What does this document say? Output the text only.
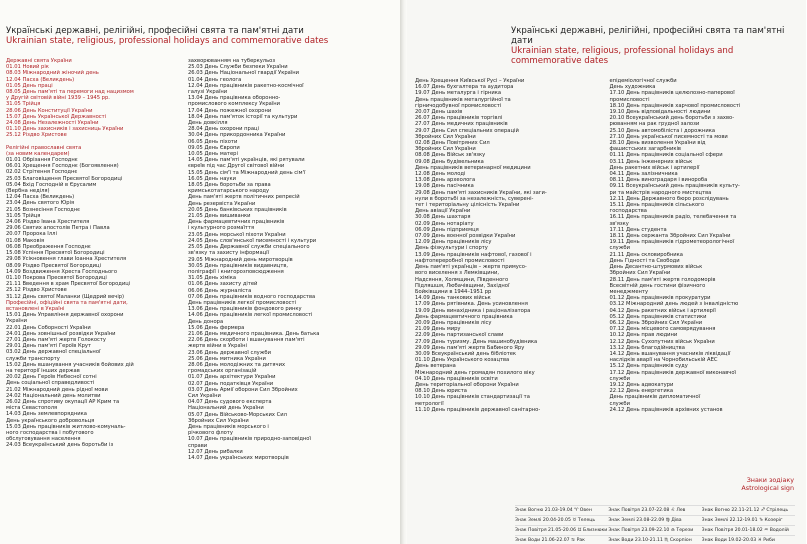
Українські державні, релігійні, професійні свята та пам'ятні дати
Ukrainian state, religious, professional holidays and commemorative dates
Державні свята України
01.01 Новий рік
08.03 Міжнародний жіночий день
12.04 Пасха (Великдень)
01.05 День праці
08.05 День пам'яті та перемоги над нацизмом
у Другій світовій війні 1939 – 1945 рр.
31.05 Трійця
28.06 День Конституції України
15.07 День Української Державності
24.08 День Незалежності України
01.10 День захисників і захисниць України
25.12 Різдво Христове
Релігійні православні свята
(за новим календарем)
01.01 Обрізання Господнє
06.01 Хрещення Господнє (Богоявлення)
02.02 Стрітення Господнє
25.03 Благовіщення Пресвятої Богородиці
05.04 Вхід Господній в Єрусалим
(Вербна неділя)
12.04 Пасха (Великдень)
23.04 День святого Юрія
21.05 Вознесіння Господнє
31.05 Трійця
24.06 Різдво Івана Хрестителя
29.06 Святих апостолів Петра і Павла
20.07 Пророка Іллі
01.08 Маковія
06.08 Преображення Господнє
15.08 Успіння Пресвятої Богородиці
29.08 Усікновення глави Іоанна Хрестителя
08.09 Різдво Пресвятої Богородиці
14.09 Воздвиження Хреста Господнього
01.10 Покрова Пресвятої Богородиці
21.11 Введення в храм Пресвятої Богородиці
25.12 Різдво Христове
31.12 День святої Маланки (Щедрий вечір)
Професійні, офіційні свята та пам'ятні дати,
встановлені в Україні
15.01 День Управління державної охорони
України
22.01 День Соборності України
24.01 День зовнішньої розвідки України
27.01 День пам'яті жертв Голокосту
29.01 День пам'яті Героїв Крут
03.02 День державної спеціальної
служби транспорту
15.02 День вшанування учасників бойових дій
на території інших держав
20.02 День Героїв Небесної сотні
День соціальної справедливості
21.02 Міжнародний день рідної мови
24.02 Національний день молитви
26.02 День спротиву окупації АР Крим та
міста Севастополя
14.03 День землевпорядника
День українського добровольця
15.03 День працівників житлово-комуналь-
ного господарства і побутового
обслуговування населення
24.03 Всеукраїнський день боротьби із
захворюванням на туберкульоз
25.03 День Служби безпеки України
26.03 День Національної гвардії України
01.04 День геолога
12.04 День працівників ракетно-космічної
галузі України
13.04 День працівника оборонно-
промислового комплексу України
17.04 День пожежної охорони
18.04 День пам'яток історії та культури
День довкілля
28.04 День охорони праці
30.04 День прикордонника України
06.05 День піхоти
09.05 День Європи
10.05 День матері
14.05 День пам'яті українців, які рятували
євреїв під час Другої світової війни
15.05 День сім'ї та Міжнародний день сім'ї
16.05 День науки
18.05 День боротьби за права
кримськотатарського народу
День пам'яті жертв політичних репресій
День резервіста України
20.05 День банківських працівників
21.05 День вишиванки
День фармацевтичних працівників
і культурного розмаїття
23.05 День морської піхоти України
24.05 День слов'янської писемності і культури
25.05 День Державної служби спеціального
зв'язку та захисту інформації
29.05 Міжнародний день миротворців
30.05 День працівників видавництв,
поліграфії і книгорозповсюдження
31.05 День хіміка
01.06 День захисту дітей
06.06 День журналіста
07.06 День працівників водного господарства
День працівників легкої промисловості
13.06 День працівників фондового ринку
14.06 День працівників легкої промисловості
День донора
15.06 День фермера
21.06 День медичного працівника. День батька
22.06 День скорботи і вшанування пам'яті
жертв війни в Україні
23.06 День державної служби
25.06 День митника України
28.06 День молодіжних та дитячих
громадських організацій
01.07 День архітектури України
02.07 День податківця України
03.07 День Армії оборони Сил Збройних
Сил України
04.07 День судового експерта
Національний день України
05.07 День Військово-Морських Сил
Збройних Сил України
День працівників морського і
річкового флоту
10.07 День працівників природно-заповідної
справи
12.07 День рибалки
14.07 День українських миротворців
Українські державні, релігійні, професійні свята та пам'ятні дати
Ukrainian state, religious, professional holidays and commemorative dates
День Хрещення Київської Русі – України
16.07 День бухгалтера та аудитора
19.07 День металурга і гірника
День працівників металургійної та
гірничодобувної промисловості
20.07 День шахів
26.07 День працівників торгівлі
27.07 День медичних працівників
29.07 День Сил спеціальних операцій
Збройних Сил України
02.08 День Повітряних Сил
Збройних Сил України
08.08 День Військ зв'язку
09.08 День будівельника
День працівників ветеринарної медицини
12.08 День молоді
13.08 День археолога
19.08 День пасічника
29.08 День пам'яті захисників України, які заги-
нули в боротьбі за незалежність, суверені-
тет і територіальну цілісність України
День авіації України
30.08 День шахтаря
02.09 День нотаріату
06.09 День підприємця
07.09 День воєнної розвідки України
12.09 День працівників лісу
День фізкультури і спорту
13.09 День працівників нафтової, газової і
нафтопереробної промисловості
День пам'яті українців – жертв примусо-
вого виселення з Лемківщини,
Надсяння, Холмщини, Південного
Підляшшя, Любачівщини, Західної
Бойківщини в 1944–1951 рр
14.09 День танкових військ
17.09 День рятівника. День усиновлення
19.09 День винахідника і раціоналізатора
День фармацевтичного працівника
20.09 День працівників лісу
21.09 День миру
22.09 День партизанської слави
27.09 День туризму. День машинобудівника
29.09 День пам'яті жертв Бабиного Яру
30.09 Всеукраїнський день бібліотек
01.10 День Українського козацтва
День ветерана
Міжнародний день громадян похилого віку
04.10 День працівників освіти
День територіальної оборони України
08.10 День юриста
10.10 День працівників стандартизації та
метрології
11.10 День працівників державної санітарно-
епідеміологічної служби
День художника
17.10 День працівників целюлозно-паперової
промисловості
18.10 День працівників харчової промисловості
19.10 День відповідальності людини
20.10 Всеукраїнський день боротьби з захво-
рюванням на рак грудної залози
25.10 День автомобіліста і дорожника
27.10 День української писемності та мови
28.10 День визволення України від
фашистських загарбників
01.11 День працівників соціальної сфери
03.11 День інженерних військ
День ракетних військ і артилерії
04.11 День залізничника
08.11 День виноградаря і винороба
09.11 Всеукраїнський день працівників культу-
ри та майстрів народного мистецтва
12.11 День Державного бюро розслідувань
15.11 День працівників сільського
господарства
16.11 День працівників радіо, телебачення та
зв'язку
17.11 День студента
18.11 День сержанта Збройних Сил України
19.11 День працівників гідрометеорологічної
служби
21.11 День скловиробника
День Гідності та Свободи
День Десантно-штурмових військ
Збройних Сил України
28.11 День пам'яті жертв голодоморів
Всесвітній день гостини фізичного
менеджменту
01.12 День працівників прокуратури
03.12 Міжнародний день людей з інвалідністю
04.12 День ракетних військ і артилерії
05.12 День працівників статистики
06.12 День Збройних Сил України
07.12 День місцевого самоврядування
10.12 День прав людини
12.12 День Сухопутних військ України
13.12 День благодійництва
14.12 День вшанування учасників ліквідації
наслідків аварії на Чорнобильській АЕС
15.12 День працівників суду
17.12 День працівників державної виконавчої
служби
19.12 День адвокатури
22.12 День енергетика
День працівників дипломатичної
служби
24.12 День працівників архівних установ
Знаки зодіаку
Astrological sign
Знак Вогню 21.03-19.04 ♈ Овен	Знак Повітря 23.07-22.08 ♌ Лев	Знак Вогню 22.11-21.12 ♐ Стрілець
Знак Землі 20.04-20.05 ♉ Телець	Знак Землі 23.08-22.09 ♍ Діва	Знак Землі 22.12-19.01 ♑ Козеріг
Знак Повітря 21.05-20.06 ♊ Близнюки Знак Повітря 23.09-22.10 ♎ Терези	Знак Повітря 20.01-18.02 ♒ Водолій
Знак Води 21.06-22.07 ♋ Рак	Знак Води 23.10-21.11 ♏ Скорпіон	Знак Води 19.02-20.03 ♓ Риби
